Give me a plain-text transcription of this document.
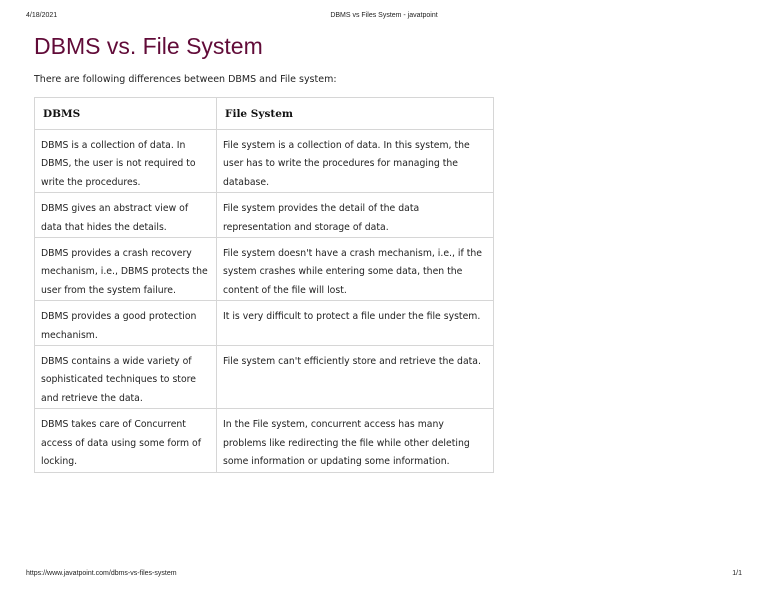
4/18/2021	DBMS vs Files System - javatpoint
DBMS vs. File System

There are following differences between DBMS and File system:

DBMS	File System
DBMS is a collection of data. In DBMS, the user is not required to write the procedures.	File system is a collection of data. In this system, the user has to write the procedures for managing the database.
DBMS gives an abstract view of data that hides the details.	File system provides the detail of the data representation and storage of data.
DBMS provides a crash recovery mechanism, i.e., DBMS protects the user from the system failure.	File system doesn't have a crash mechanism, i.e., if the system crashes while entering some data, then the content of the file will lost.
DBMS provides a good protection mechanism.	It is very difficult to protect a file under the file system.
DBMS contains a wide variety of sophisticated techniques to store and retrieve the data.	File system can't efficiently store and retrieve the data.
DBMS takes care of Concurrent access of data using some form of locking.	In the File system, concurrent access has many problems like redirecting the file while other deleting some information or updating some information.
https://www.javatpoint.com/dbms-vs-files-system	1/1
